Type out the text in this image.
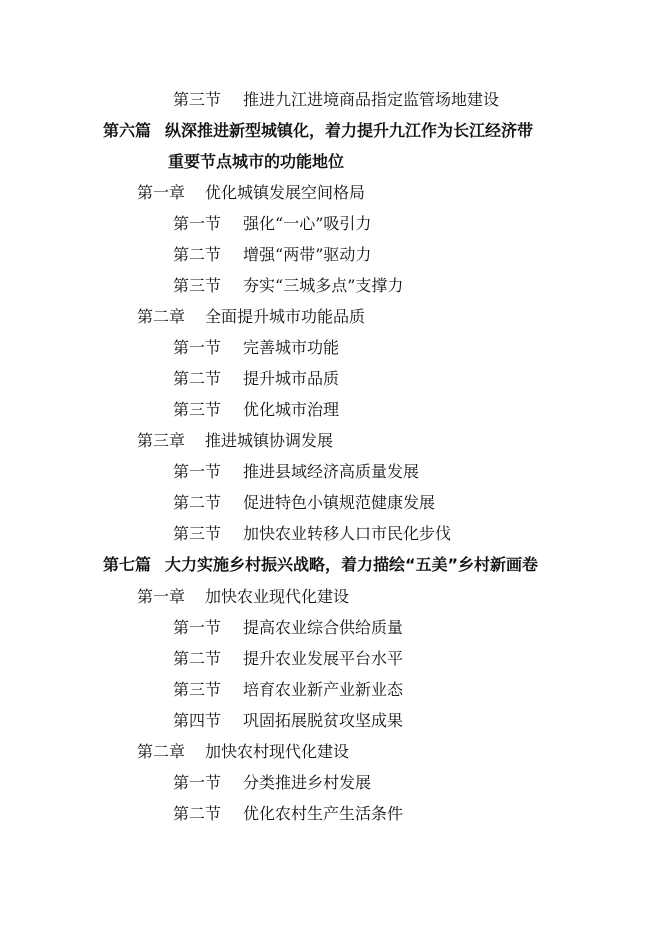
第三节 推进九江进境商品指定监管场地建设
第六篇 纵深推进新型城镇化，着力提升九江作为长江经济带
重要节点城市的功能地位
第一章 优化城镇发展空间格局
第一节 强化“一心”吸引力
第二节 增强“两带”驱动力
第三节 夯实“三城多点”支撑力
第二章 全面提升城市功能品质
第一节 完善城市功能
第二节 提升城市品质
第三节 优化城市治理
第三章 推进城镇协调发展
第一节 推进县域经济高质量发展
第二节 促进特色小镇规范健康发展
第三节 加快农业转移人口市民化步伐
第七篇 大力实施乡村振兴战略，着力描绘“五美”乡村新画卷
第一章 加快农业现代化建设
第一节 提高农业综合供给质量
第二节 提升农业发展平台水平
第三节 培育农业新产业新业态
第四节 巩固拓展脱贫攻坚成果
第二章 加快农村现代化建设
第一节 分类推进乡村发展
第二节 优化农村生产生活条件
